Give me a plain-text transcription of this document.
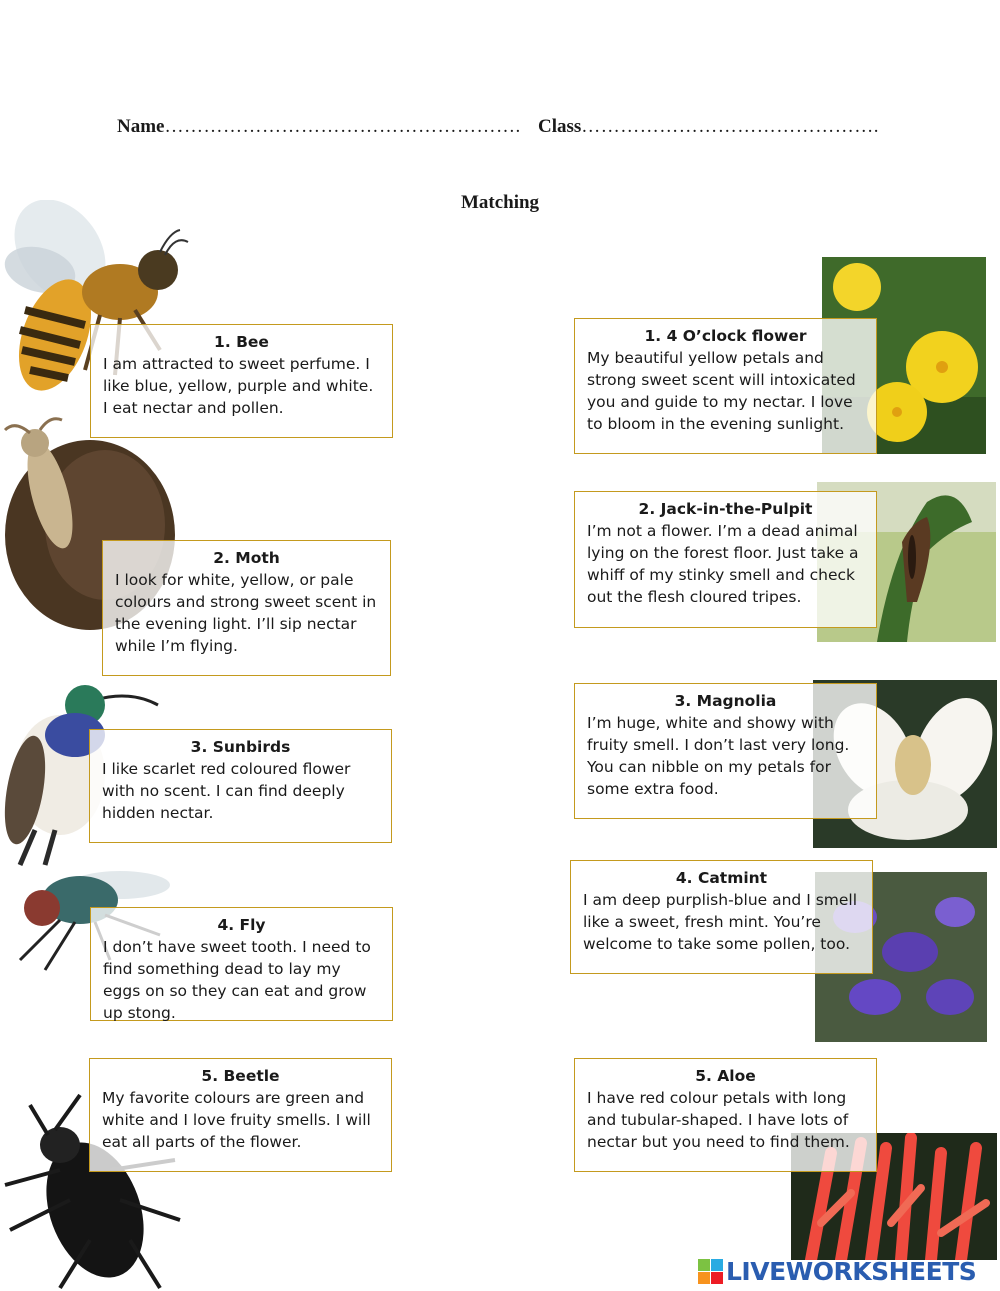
Name………………………………………………. Class……………………………………….
Matching
1. Bee
I am attracted to sweet perfume. I like blue, yellow, purple and white. I eat nectar and pollen.
2. Moth
I look for white, yellow, or pale colours and strong sweet scent in the evening light. I’ll sip nectar while I’m flying.
3. Sunbirds
I like scarlet red coloured flower with no scent. I can find deeply hidden nectar.
4. Fly
I don’t have sweet tooth. I need to find something dead to lay my eggs on so they can eat and grow up stong.
5. Beetle
My favorite colours are green and white and I love fruity smells. I will eat all parts of the flower.
1. 4 O’clock flower
My beautiful yellow petals and strong sweet scent will intoxicated you and guide to my nectar. I love to bloom in the evening sunlight.
2. Jack-in-the-Pulpit
I’m not a flower. I’m a dead animal lying on the forest floor. Just take a whiff of my stinky smell and check out the flesh cloured tripes.
3. Magnolia
I’m huge, white and showy with fruity smell. I don’t last very long. You can nibble on my petals for some extra food.
4. Catmint
I am deep purplish-blue and I smell like a sweet, fresh mint. You’re welcome to take some pollen, too.
5. Aloe
I have red colour petals with long and tubular-shaped. I have lots of nectar but you need to find them.
LIVEWORKSHEETS
